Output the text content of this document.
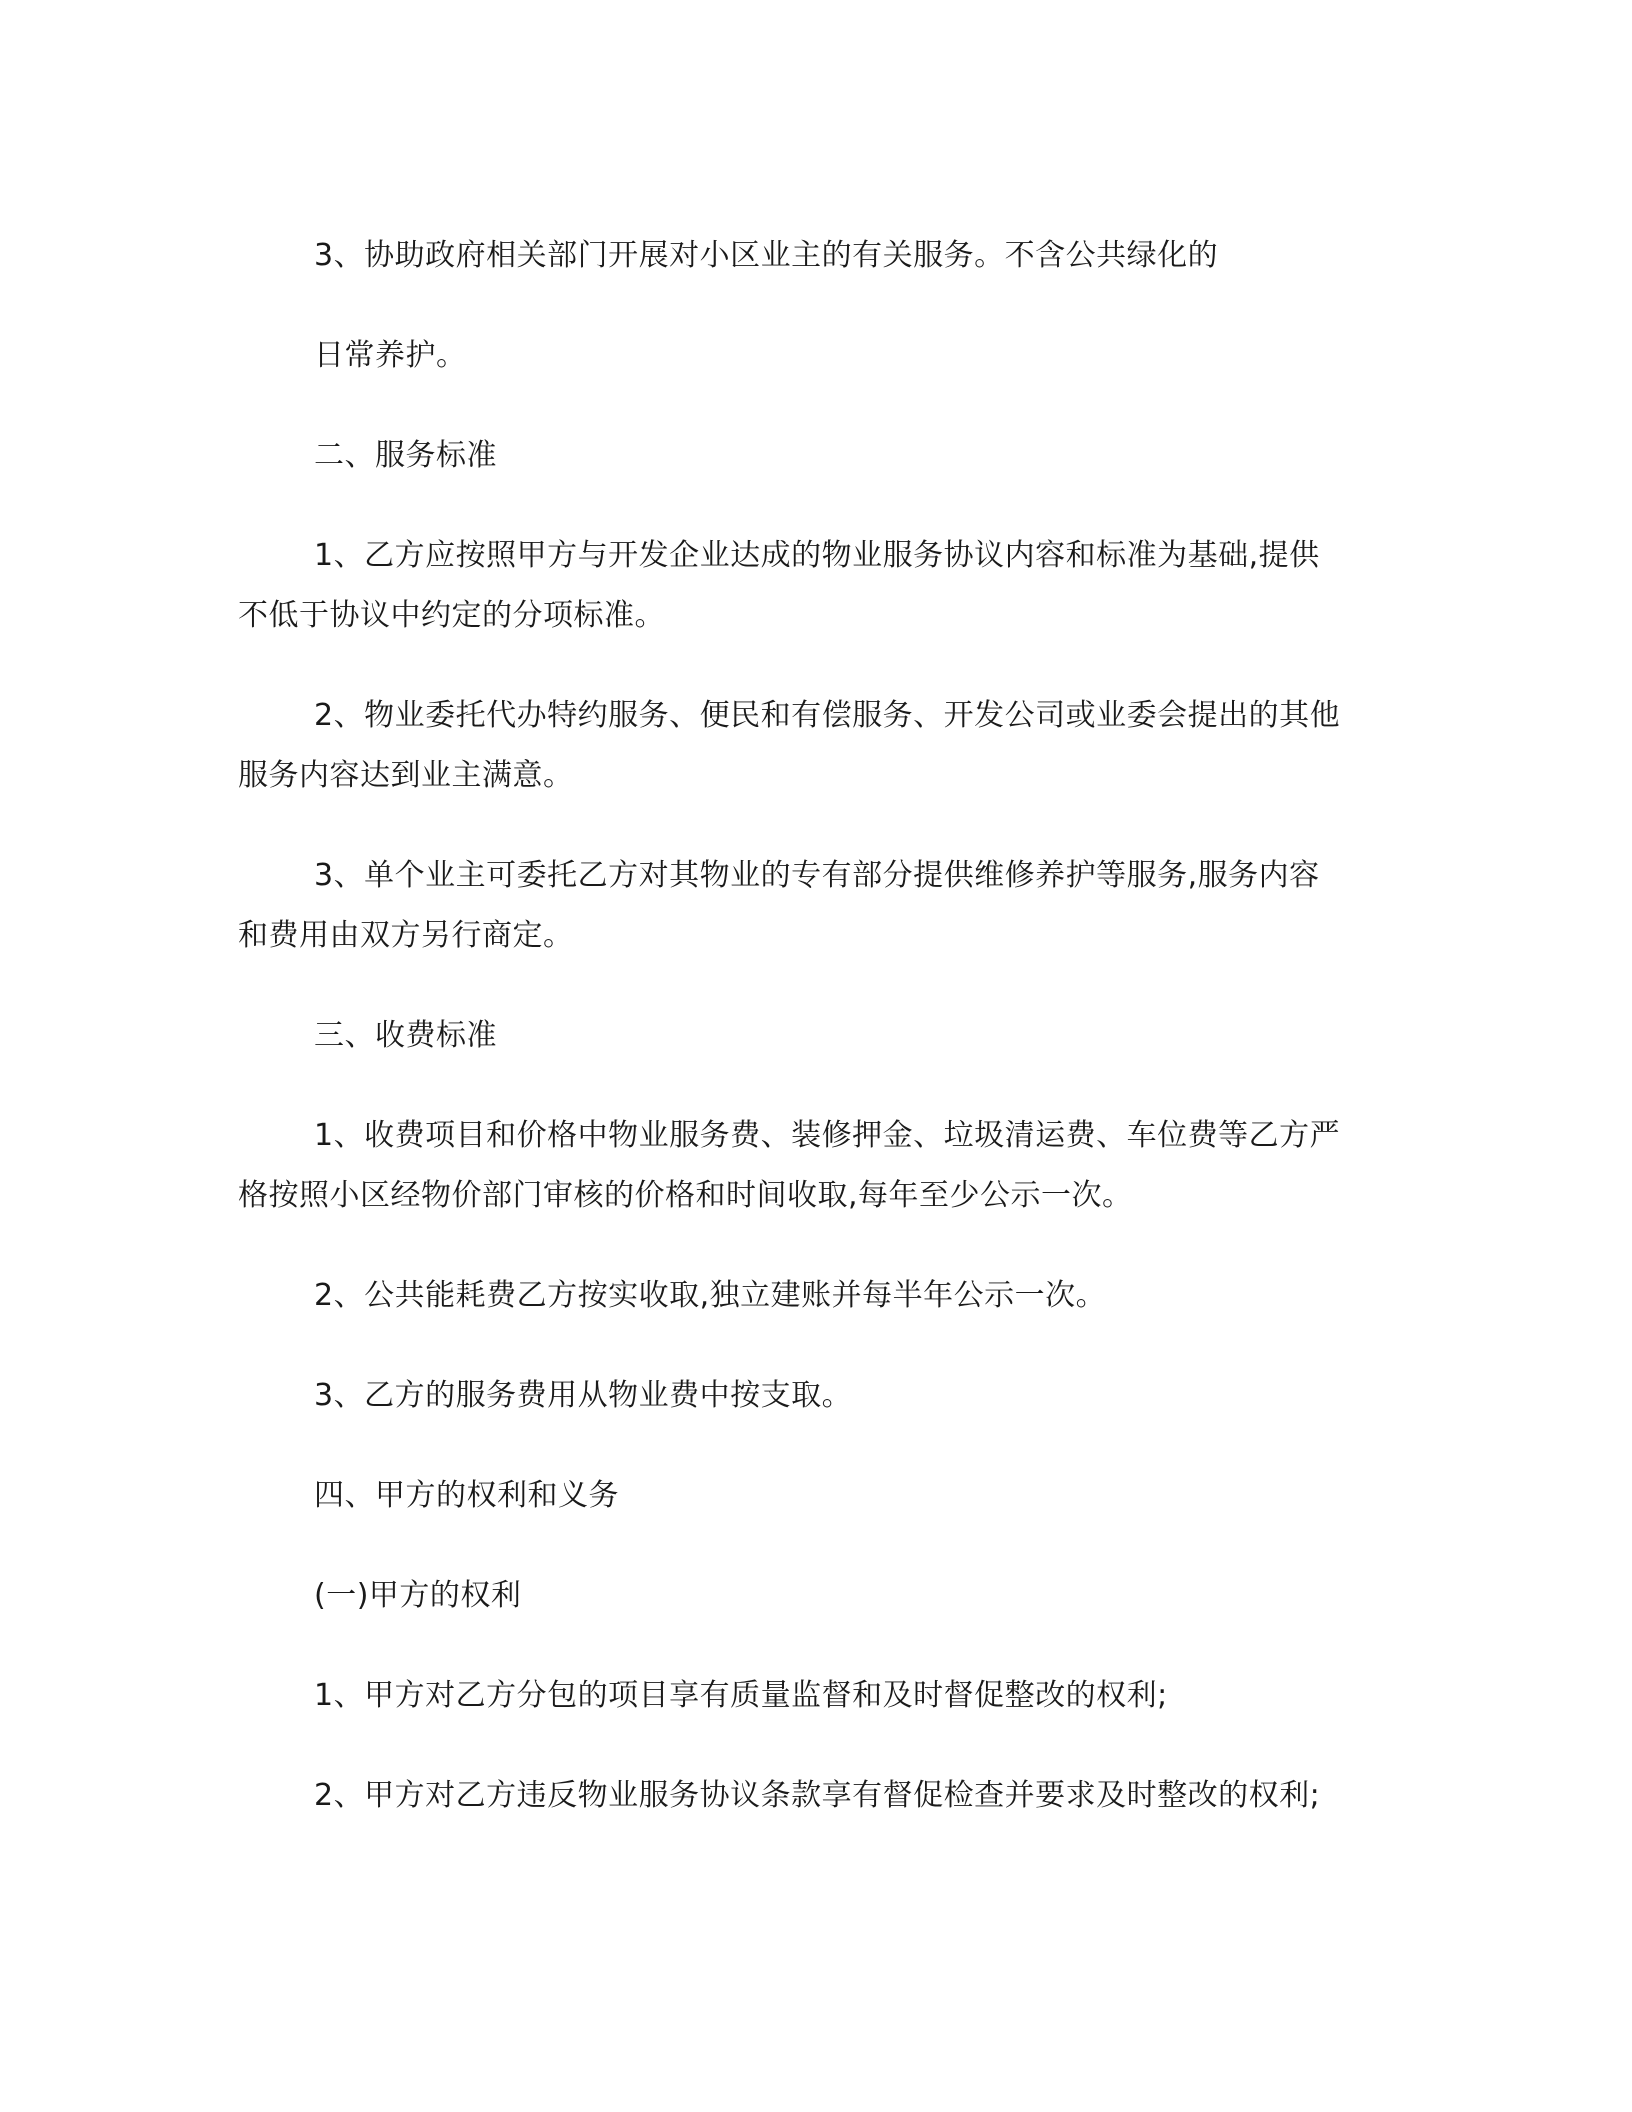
3、协助政府相关部门开展对小区业主的有关服务。不含公共绿化的
日常养护。
二、服务标准
1、乙方应按照甲方与开发企业达成的物业服务协议内容和标准为基础,提供
不低于协议中约定的分项标准。
2、物业委托代办特约服务、便民和有偿服务、开发公司或业委会提出的其他
服务内容达到业主满意。
3、单个业主可委托乙方对其物业的专有部分提供维修养护等服务,服务内容
和费用由双方另行商定。
三、收费标准
1、收费项目和价格中物业服务费、装修押金、垃圾清运费、车位费等乙方严
格按照小区经物价部门审核的价格和时间收取,每年至少公示一次。
2、公共能耗费乙方按实收取,独立建账并每半年公示一次。
3、乙方的服务费用从物业费中按支取。
四、甲方的权利和义务
(一)甲方的权利
1、甲方对乙方分包的项目享有质量监督和及时督促整改的权利;
2、甲方对乙方违反物业服务协议条款享有督促检查并要求及时整改的权利;
